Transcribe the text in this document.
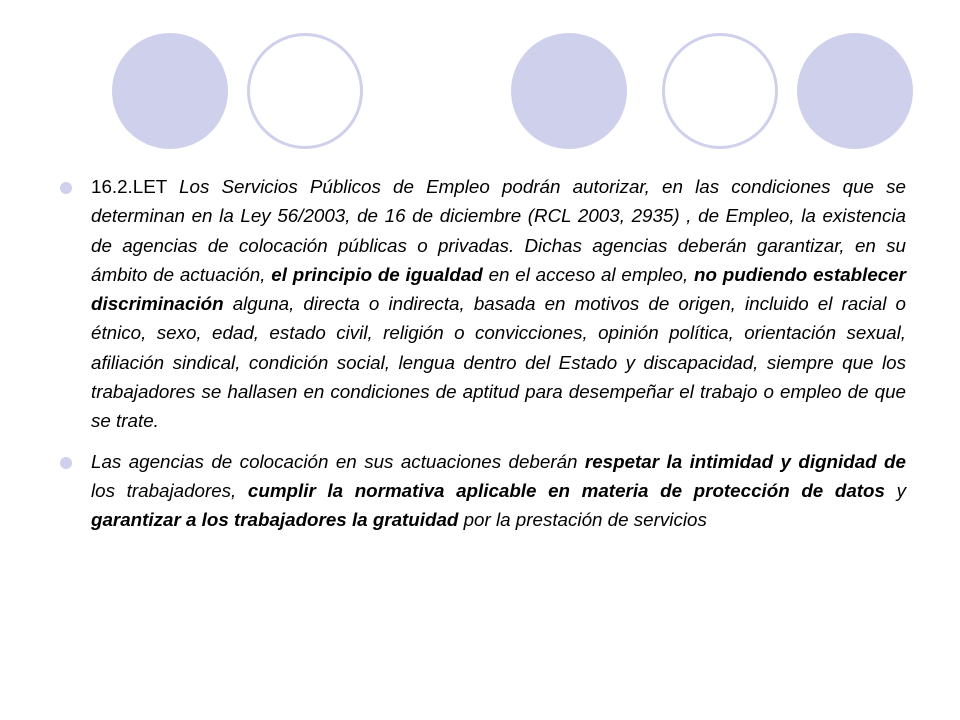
16.2.LET Los Servicios Públicos de Empleo podrán autorizar, en las condiciones que se determinan en la Ley 56/2003, de 16 de diciembre (RCL 2003, 2935) , de Empleo, la existencia de agencias de colocación públicas o privadas. Dichas agencias deberán garantizar, en su ámbito de actuación, el principio de igualdad en el acceso al empleo, no pudiendo establecer discriminación alguna, directa o indirecta, basada en motivos de origen, incluido el racial o étnico, sexo, edad, estado civil, religión o convicciones, opinión política, orientación sexual, afiliación sindical, condición social, lengua dentro del Estado y discapacidad, siempre que los trabajadores se hallasen en condiciones de aptitud para desempeñar el trabajo o empleo de que se trate.

Las agencias de colocación en sus actuaciones deberán respetar la intimidad y dignidad de los trabajadores, cumplir la normativa aplicable en materia de protección de datos y garantizar a los trabajadores la gratuidad por la prestación de servicios
